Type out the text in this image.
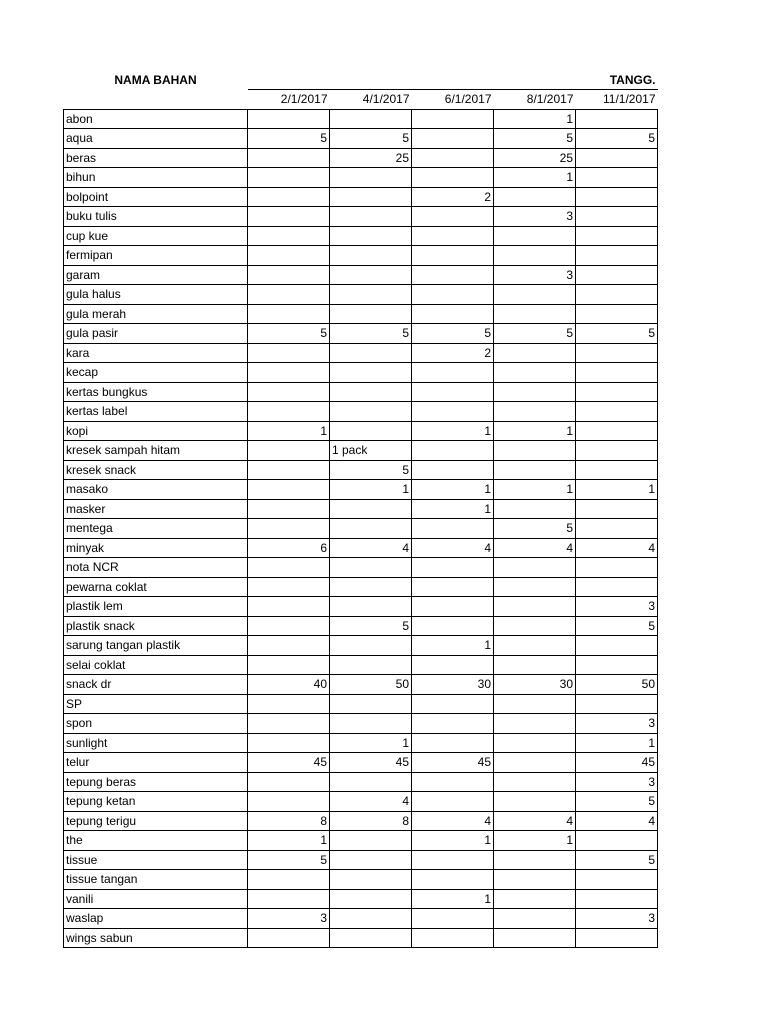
NAMA BAHAN					TANGG.
	2/1/2017	4/1/2017	6/1/2017	8/1/2017	11/1/2017
abon				1	
aqua	5	5		5	5
beras		25		25	
bihun				1	
bolpoint			2		
buku tulis				3	
cup kue					
fermipan					
garam				3	
gula halus					
gula merah					
gula pasir	5	5	5	5	5
kara			2		
kecap					
kertas bungkus					
kertas label					
kopi	1		1	1	
kresek sampah hitam		1 pack			
kresek snack		5			
masako		1	1	1	1
masker			1		
mentega				5	
minyak	6	4	4	4	4
nota NCR					
pewarna coklat					
plastik lem					3
plastik snack		5			5
sarung tangan plastik			1		
selai coklat					
snack dr	40	50	30	30	50
SP					
spon					3
sunlight		1			1
telur	45	45	45		45
tepung beras					3
tepung ketan		4			5
tepung terigu	8	8	4	4	4
the	1		1	1	
tissue	5				5
tissue tangan					
vanili			1		
waslap	3				3
wings sabun					
